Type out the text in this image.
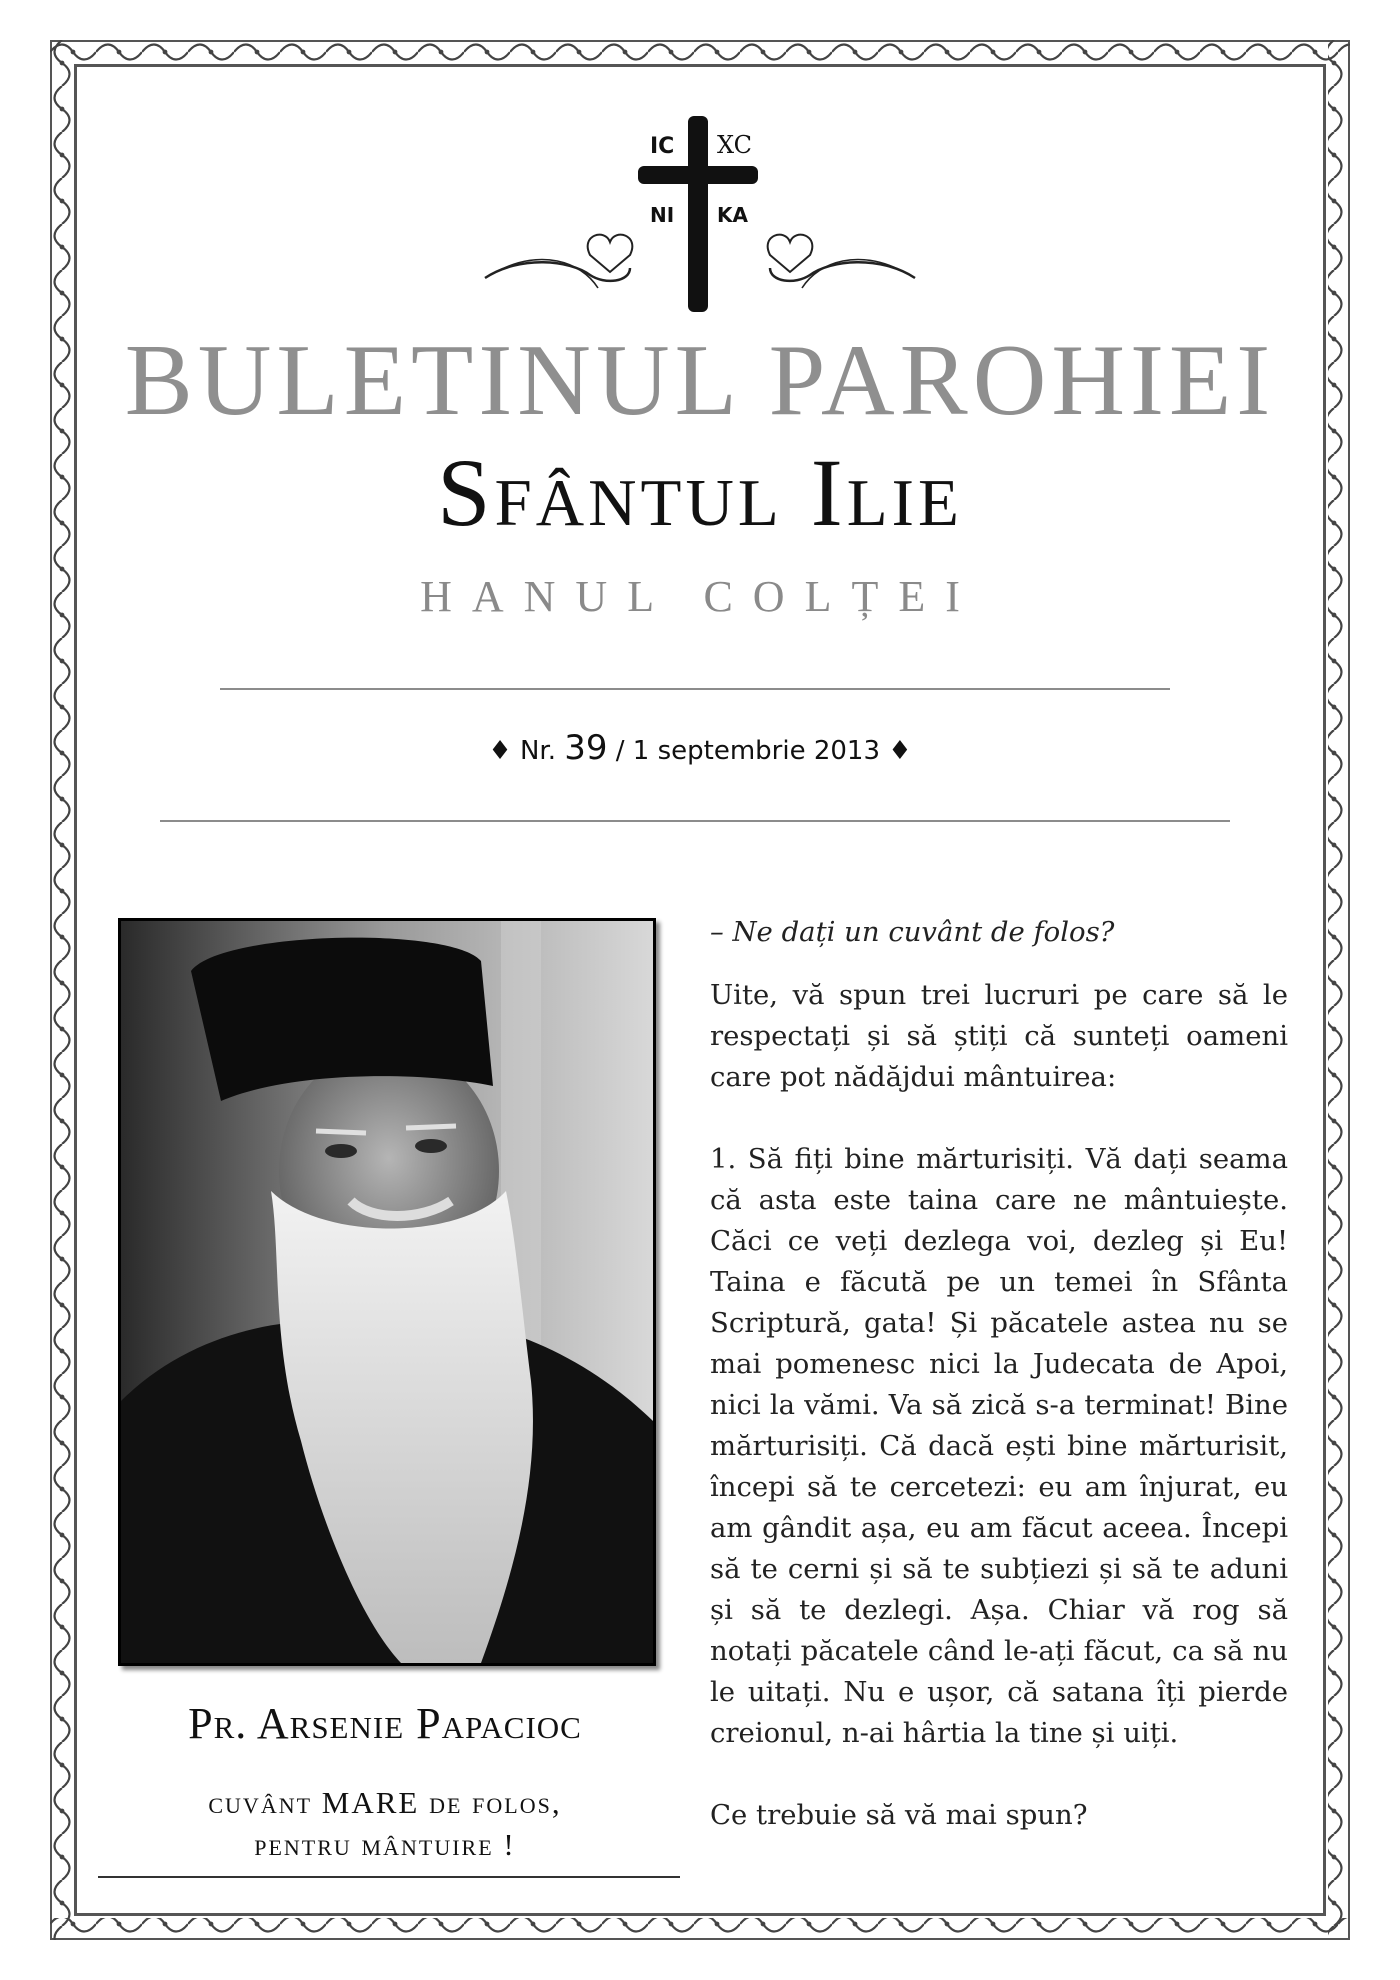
IC XC
NI KA
BULETINUL PAROHIEI
Sfântul Ilie
HANUL COLȚEI
♦ Nr. 39 / 1 septembrie 2013 ♦
Pr. Arsenie Papacioc
cuvânt MARE de folos,
pentru mântuire !

– Ne dați un cuvânt de folos?

Uite, vă spun trei lucruri pe care să le respectați și să știți că sunteți oameni care pot nădăjdui mântuirea:

1. Să fiți bine mărturisiți. Vă dați seama că asta este taina care ne mântuiește. Căci ce veți dezlega voi, dezleg și Eu! Taina e făcută pe un temei în Sfânta Scriptură, gata! Și păcatele astea nu se mai pomenesc nici la Judecata de Apoi, nici la vămi. Va să zică s-a terminat! Bine mărturisiți. Că dacă ești bine mărturisit, începi să te cercetezi: eu am înjurat, eu am gândit așa, eu am făcut aceea. Începi să te cerni și să te subțiezi și să te aduni și să te dezlegi. Așa. Chiar vă rog să notați păcatele când le-ați făcut, ca să nu le uitați. Nu e ușor, că satana îți pierde creionul, n-ai hârtia la tine și uiți.

Ce trebuie să vă mai spun?
